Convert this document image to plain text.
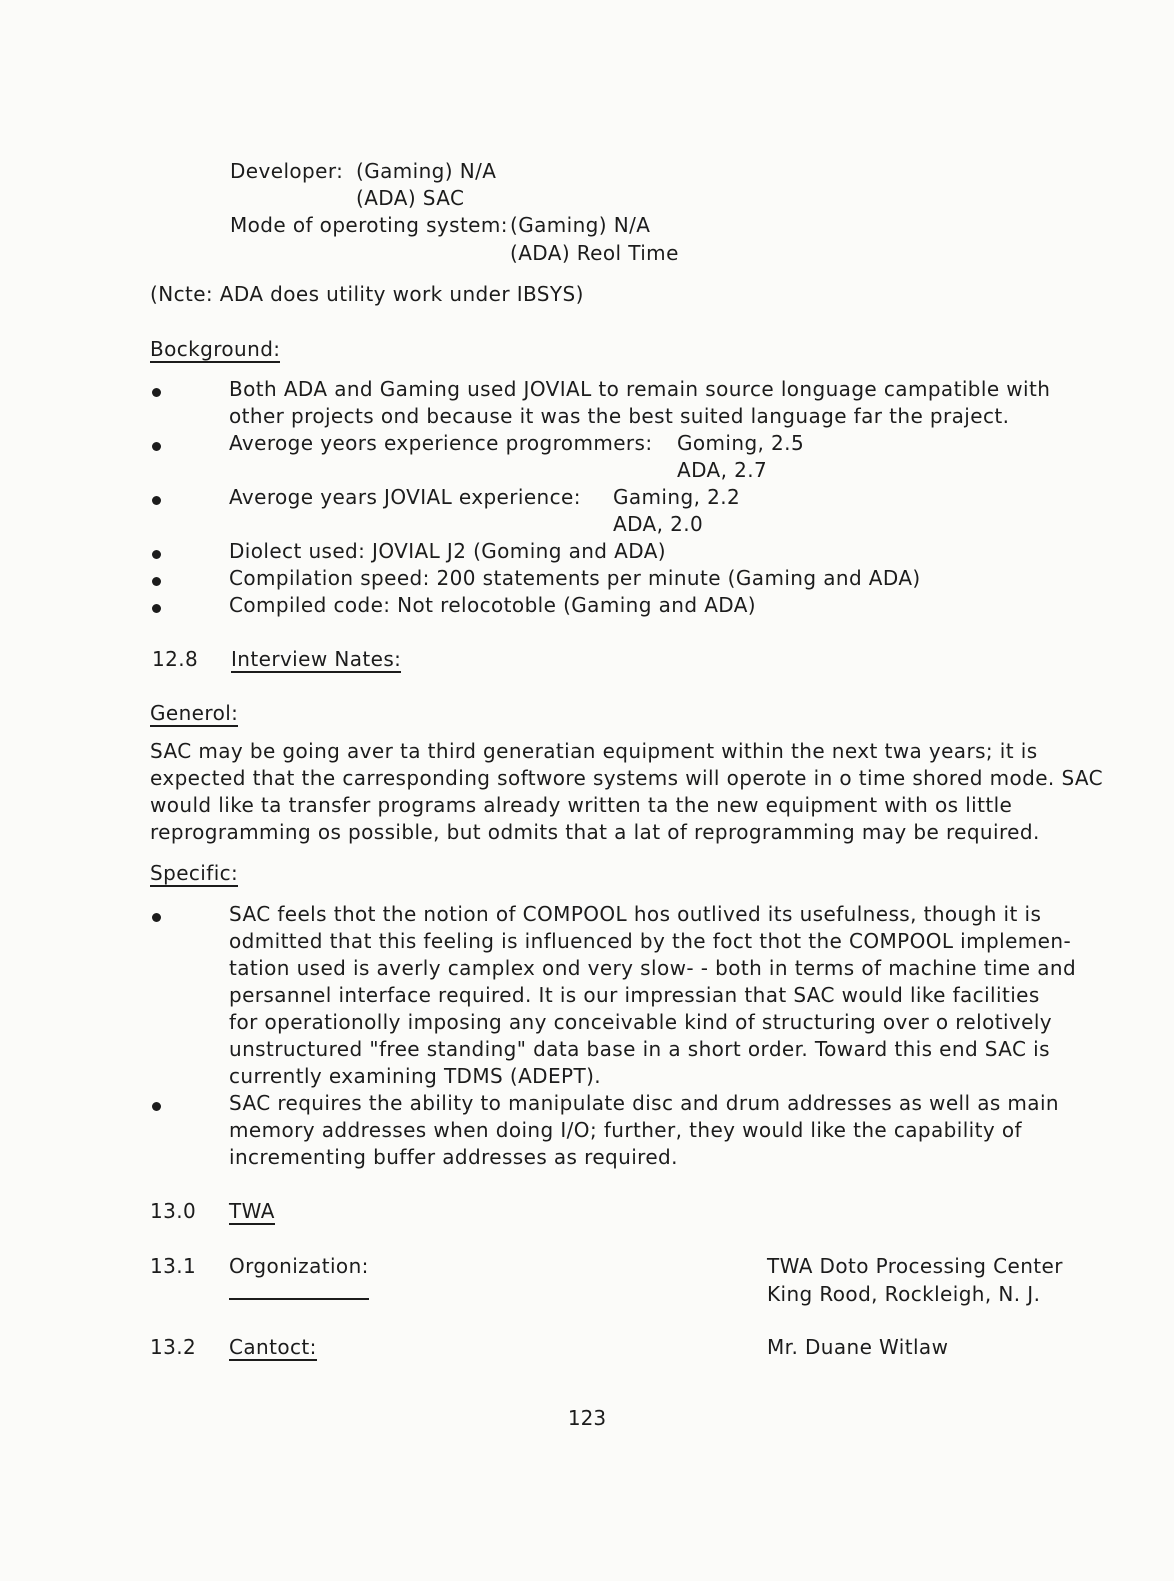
Developer: (Gaming) N/A
(ADA) SAC
Mode of operoting system: (Gaming) N/A
(ADA) Reol Time
(Ncte: ADA does utility work under IBSYS)
Bockground:
Both ADA and Gaming used JOVIAL to remain source longuage campatible with
other projects ond because it was the best suited language far the praject.
Averoge yeors experience progrommers: Goming, 2.5
ADA, 2.7
Averoge years JOVIAL experience: Gaming, 2.2
ADA, 2.0
Diolect used: JOVIAL J2 (Goming and ADA)
Compilation speed: 200 statements per minute (Gaming and ADA)
Compiled code: Not relocotoble (Gaming and ADA)
12.8 Interview Nates:
Generol:
SAC may be going aver ta third generatian equipment within the next twa years; it is
expected that the carresponding softwore systems will operote in o time shored mode. SAC
would like ta transfer programs already written ta the new equipment with os little
reprogramming os possible, but odmits that a lat of reprogramming may be required.
Specific:
SAC feels thot the notion of COMPOOL hos outlived its usefulness, though it is
odmitted that this feeling is influenced by the foct thot the COMPOOL implemen-
tation used is averly camplex ond very slow- - both in terms of machine time and
persannel interface required. It is our impressian that SAC would like facilities
for operationolly imposing any conceivable kind of structuring over o relotively
unstructured "free standing" data base in a short order. Toward this end SAC is
currently examining TDMS (ADEPT).
SAC requires the ability to manipulate disc and drum addresses as well as main
memory addresses when doing I/O; further, they would like the capability of
incrementing buffer addresses as required.
13.0 TWA
13.1 Orgonization:	TWA Doto Processing Center
King Rood, Rockleigh, N. J.
13.2 Cantoct:	Mr. Duane Witlaw
123
